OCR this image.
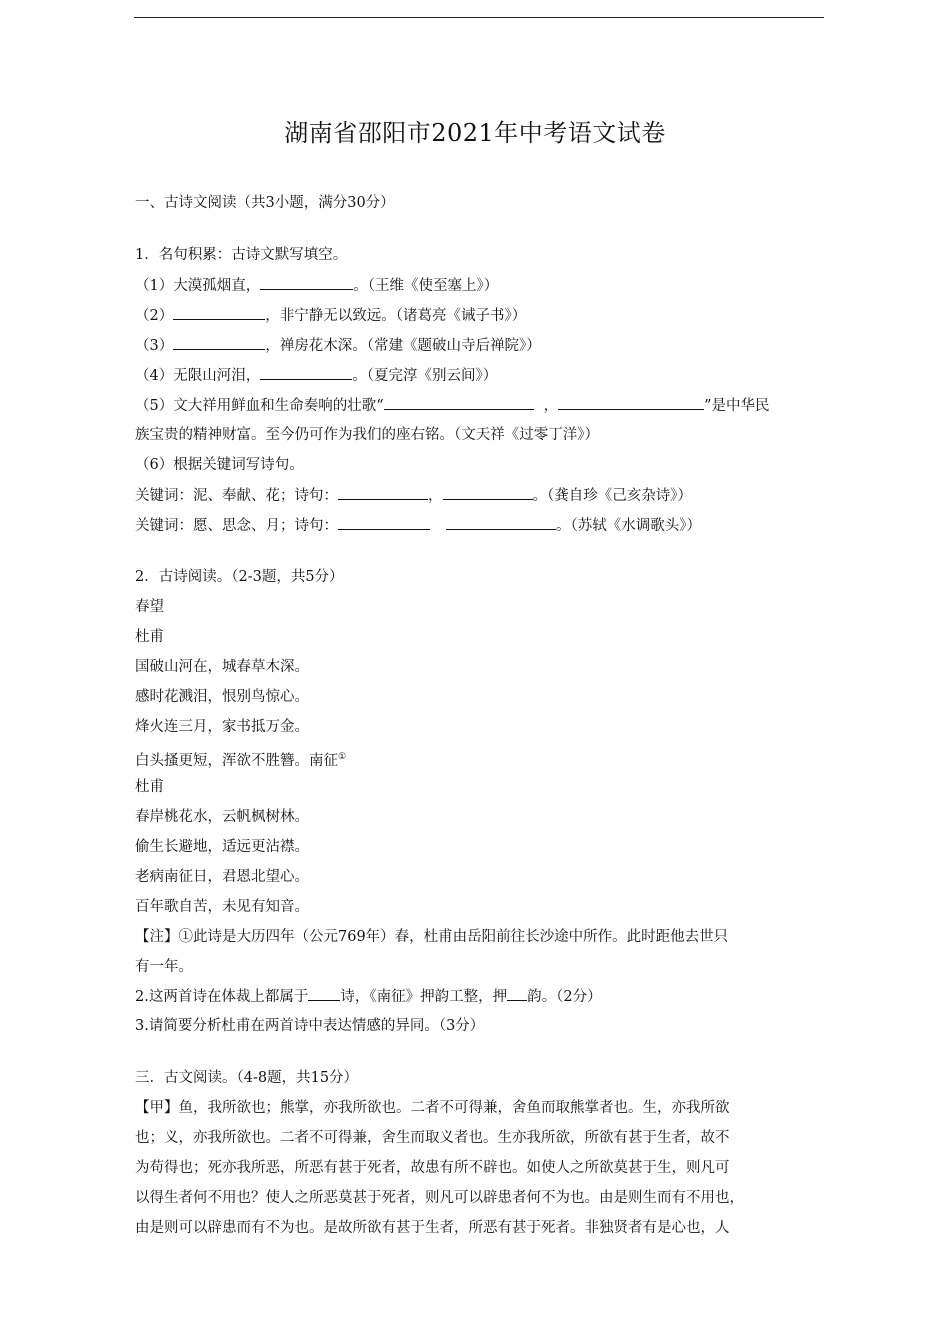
湖南省邵阳市2021年中考语文试卷
一、古诗文阅读（共3小题，满分30分）
1．名句积累：古诗文默写填空。
（1）大漠孤烟直，	。（王维《使至塞上》）
（2）	，非宁静无以致远。（诸葛亮《诫子书》）
（3）	，禅房花木深。（常建《题破山寺后禅院》）
（4）无限山河泪，	。（夏完淳《别云间》）
（5）文大祥用鲜血和生命奏响的壮歌“	，	”是中华民
族宝贵的精神财富。至今仍可作为我们的座右铭。（文天祥《过零丁洋》）
（6）根据关键词写诗句。
关键词：泥、奉献、花；诗句：	，	。（龚自珍《己亥杂诗》）
关键词：愿、思念、月；诗句：	。（苏轼《水调歌头》）
2．古诗阅读。（2-3题，共5分）
春望
杜甫
国破山河在，城春草木深。
感时花溅泪，恨别鸟惊心。
烽火连三月，家书抵万金。
白头搔更短，浑欲不胜簪。南征①
杜甫
春岸桃花水，云帆枫树林。
偷生长避地，适远更沾襟。
老病南征日，君恩北望心。
百年歌自苦，未见有知音。
【注】①此诗是大历四年（公元769年）春，杜甫由岳阳前往长沙途中所作。此时距他去世只
有一年。
2.这两首诗在体裁上都属于 诗，《南征》押韵工整，押 韵。（2分）
3.请简要分析杜甫在两首诗中表达情感的异同。（3分）
三．古文阅读。（4-8题，共15分）
【甲】鱼，我所欲也；熊掌，亦我所欲也。二者不可得兼，舍鱼而取熊掌者也。生，亦我所欲
也；义，亦我所欲也。二者不可得兼，舍生而取义者也。生亦我所欲，所欲有甚于生者，故不
为苟得也；死亦我所恶，所恶有甚于死者，故患有所不辟也。如使人之所欲莫甚于生，则凡可
以得生者何不用也？使人之所恶莫甚于死者，则凡可以辟患者何不为也。由是则生而有不用也，
由是则可以辟患而有不为也。是故所欲有甚于生者，所恶有甚于死者。非独贤者有是心也，人
